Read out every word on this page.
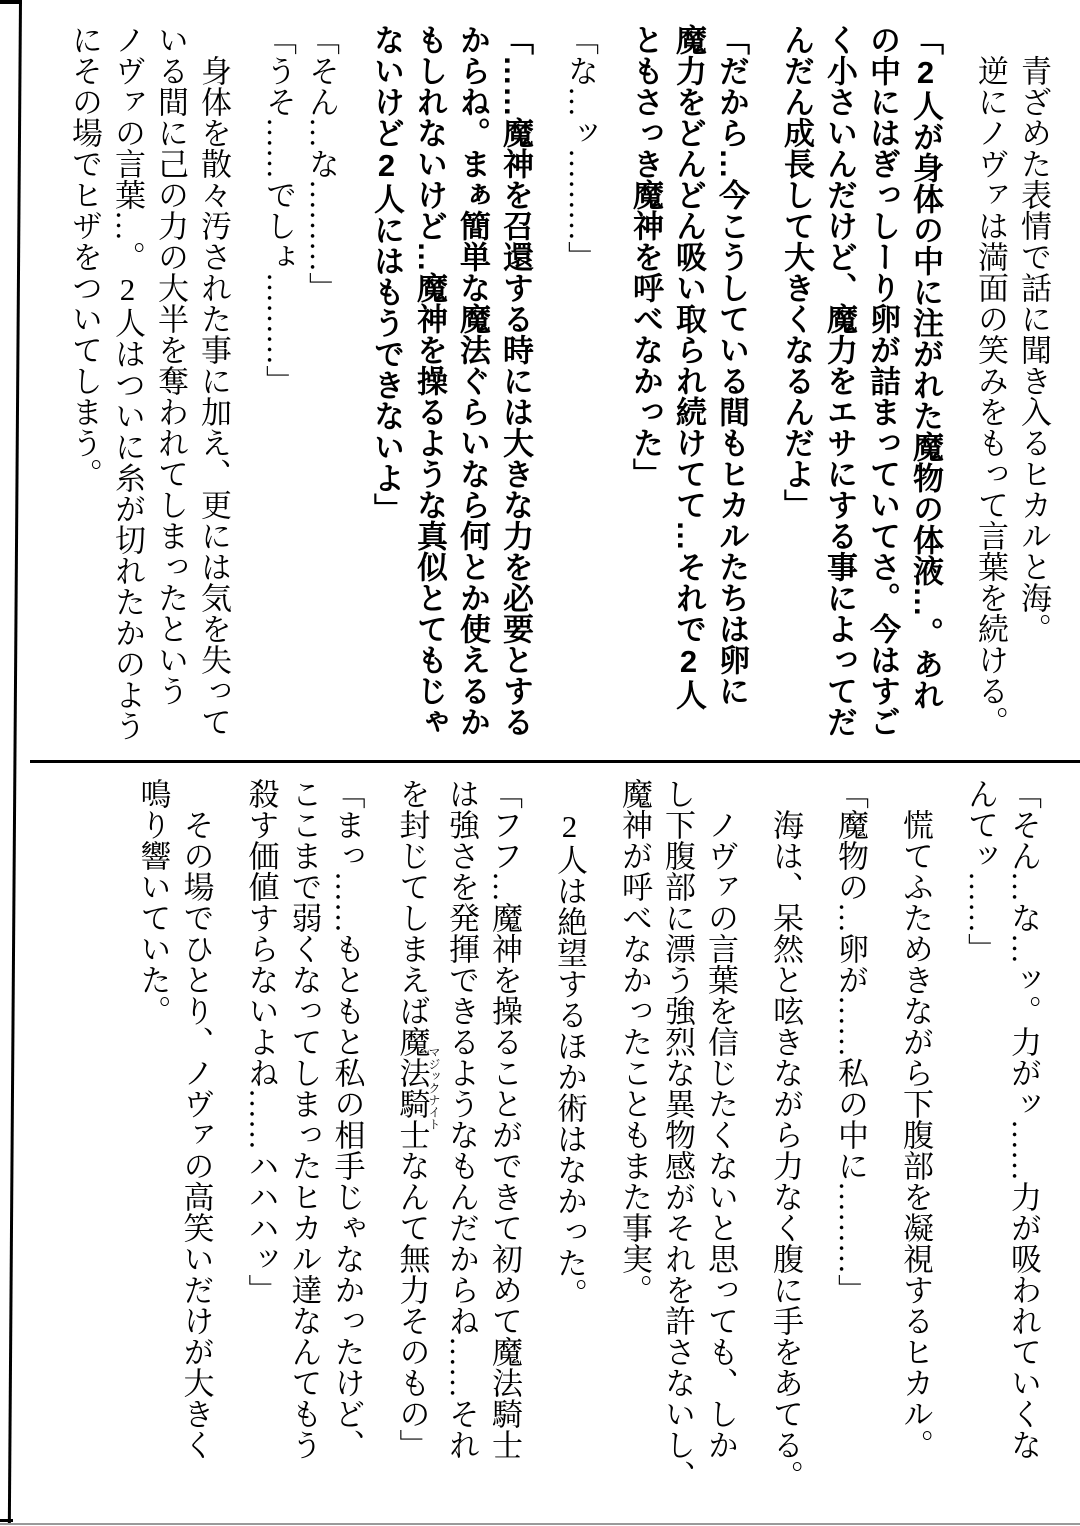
　青ざめた表情で話に聞き入るヒカルと海。
　逆にノヴァは満面の笑みをもって言葉を続ける。
「2人が身体の中に注がれた魔物の体液…。あれ
の中にはぎっしーり卵が詰まっていてさ。今はすご
く小さいんだけど、魔力をエサにする事によってだ
んだん成長して大きくなるんだよ」
「だから…今こうしている間もヒカルたちは卵に
魔力をどんどん吸い取られ続けてて…それで2人
ともさっき魔神を呼べなかった」
「な…ッ………」
「……魔神を召還する時には大きな力を必要とする
からね。まぁ簡単な魔法ぐらいなら何とか使えるか
もしれないけど…魔神を操るような真似とてもじゃ
ないけど2人にはもうできないよ」
「そん…な………」
「うそ……でしょ………」
　身体を散々汚された事に加え、更には気を失って
いる間に己の力の大半を奪われてしまったという
ノヴァの言葉…。2人はついに糸が切れたかのよう
にその場でヒザをついてしまう。
「そん…な…ッ。力がッ……力が吸われていくな
んてッ……」
　慌てふためきながら下腹部を凝視するヒカル。
「魔物の…卵が……私の中に………」
　海は、呆然と呟きながら力なく腹に手をあてる。
　ノヴァの言葉を信じたくないと思っても、しか
し下腹部に漂う強烈な異物感がそれを許さないし、
魔神が呼べなかったこともまた事実。
　2人は絶望するほか術はなかった。
「フフ…魔神を操ることができて初めて魔法騎士
は強さを発揮できるようなもんだからね……それ
を封じてしまえば魔法騎士マジックナイトなんて無力そのもの」
「まっ……もともと私の相手じゃなかったけど、
ここまで弱くなってしまったヒカル達なんてもう
殺す価値すらないよね……ハハハッ」
　その場でひとり、ノヴァの高笑いだけが大きく
鳴り響いていた。
